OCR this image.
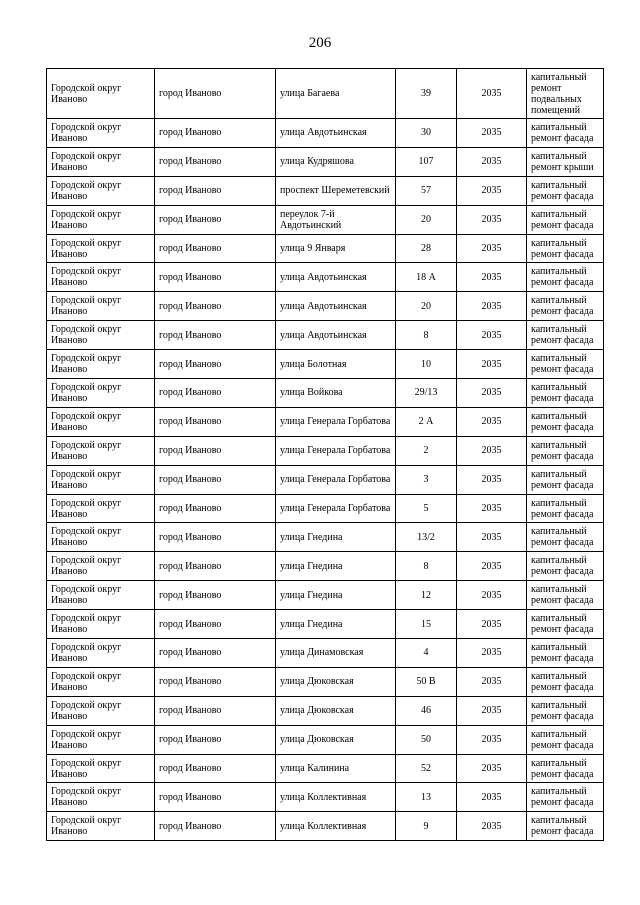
206
Городской округ Иваново	город Иваново	улица Багаева	39	2035	капитальный ремонт подвальных помещений
Городской округ Иваново	город Иваново	улица Авдотьинская	30	2035	капитальный ремонт фасада
Городской округ Иваново	город Иваново	улица Кудряшова	107	2035	капитальный ремонт крыши
Городской округ Иваново	город Иваново	проспект Шереметевский	57	2035	капитальный ремонт фасада
Городской округ Иваново	город Иваново	переулок 7-й Авдотьинский	20	2035	капитальный ремонт фасада
Городской округ Иваново	город Иваново	улица 9 Января	28	2035	капитальный ремонт фасада
Городской округ Иваново	город Иваново	улица Авдотьинская	18 А	2035	капитальный ремонт фасада
Городской округ Иваново	город Иваново	улица Авдотьинская	20	2035	капитальный ремонт фасада
Городской округ Иваново	город Иваново	улица Авдотьинская	8	2035	капитальный ремонт фасада
Городской округ Иваново	город Иваново	улица Болотная	10	2035	капитальный ремонт фасада
Городской округ Иваново	город Иваново	улица Войкова	29/13	2035	капитальный ремонт фасада
Городской округ Иваново	город Иваново	улица Генерала Горбатова	2 А	2035	капитальный ремонт фасада
Городской округ Иваново	город Иваново	улица Генерала Горбатова	2	2035	капитальный ремонт фасада
Городской округ Иваново	город Иваново	улица Генерала Горбатова	3	2035	капитальный ремонт фасада
Городской округ Иваново	город Иваново	улица Генерала Горбатова	5	2035	капитальный ремонт фасада
Городской округ Иваново	город Иваново	улица Гнедина	13/2	2035	капитальный ремонт фасада
Городской округ Иваново	город Иваново	улица Гнедина	8	2035	капитальный ремонт фасада
Городской округ Иваново	город Иваново	улица Гнедина	12	2035	капитальный ремонт фасада
Городской округ Иваново	город Иваново	улица Гнедина	15	2035	капитальный ремонт фасада
Городской округ Иваново	город Иваново	улица Динамовская	4	2035	капитальный ремонт фасада
Городской округ Иваново	город Иваново	улица Дюковская	50 В	2035	капитальный ремонт фасада
Городской округ Иваново	город Иваново	улица Дюковская	46	2035	капитальный ремонт фасада
Городской округ Иваново	город Иваново	улица Дюковская	50	2035	капитальный ремонт фасада
Городской округ Иваново	город Иваново	улица Калинина	52	2035	капитальный ремонт фасада
Городской округ Иваново	город Иваново	улица Коллективная	13	2035	капитальный ремонт фасада
Городской округ Иваново	город Иваново	улица Коллективная	9	2035	капитальный ремонт фасада
